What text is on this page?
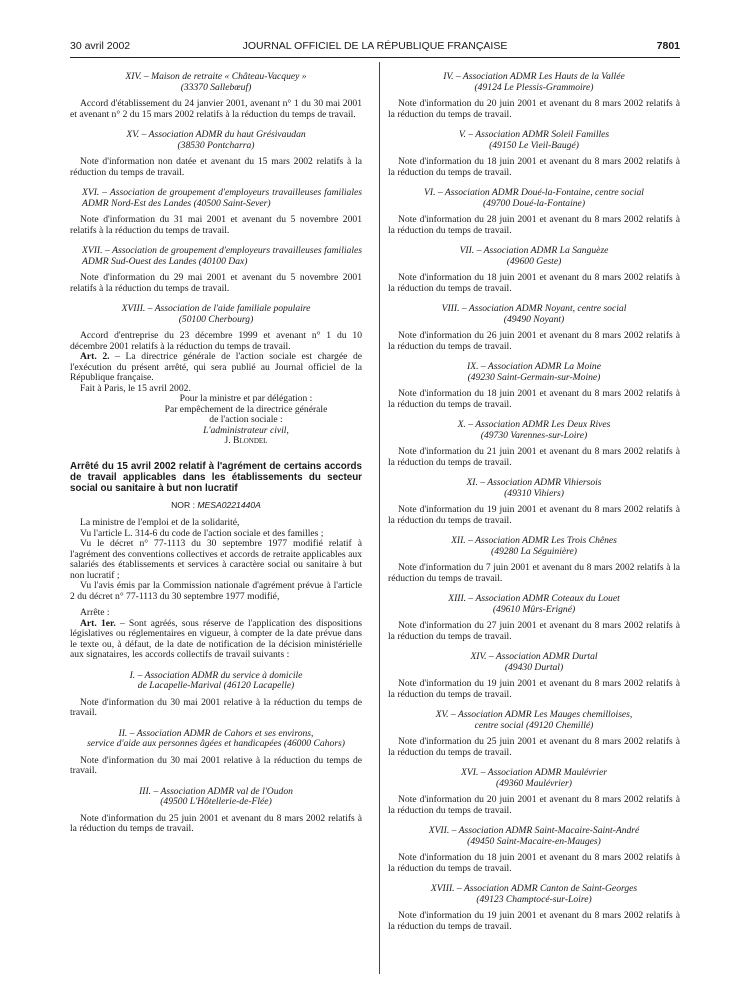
30 avril 2002	JOURNAL OFFICIEL DE LA RÉPUBLIQUE FRANÇAISE	7801

XIV. – Maison de retraite « Château-Vacquey »

(33370 Sallebœuf)

Accord d'établissement du 24 janvier 2001, avenant n° 1 du 30 mai 2001 et avenant n° 2 du 15 mars 2002 relatifs à la réduction du temps de travail.

XV. – Association ADMR du haut Grésivaudan

(38530 Pontcharra)

Note d'information non datée et avenant du 15 mars 2002 relatifs à la réduction du temps de travail.

XVI. – Association de groupement d'employeurs travailleuses familiales ADMR Nord-Est des Landes (40500 Saint-Sever)

Note d'information du 31 mai 2001 et avenant du 5 novembre 2001 relatifs à la réduction du temps de travail.

XVII. – Association de groupement d'employeurs travailleuses familiales ADMR Sud-Ouest des Landes (40100 Dax)

Note d'information du 29 mai 2001 et avenant du 5 novembre 2001 relatifs à la réduction du temps de travail.

XVIII. – Association de l'aide familiale populaire

(50100 Cherbourg)

Accord d'entreprise du 23 décembre 1999 et avenant n° 1 du 10 décembre 2001 relatifs à la réduction du temps de travail.

Art. 2. – La directrice générale de l'action sociale est chargée de l'exécution du présent arrêté, qui sera publié au Journal officiel de la République française.

Fait à Paris, le 15 avril 2002.

Pour la ministre et par délégation :

Par empêchement de la directrice générale

de l'action sociale :

L'administrateur civil,

J. Blondel

Arrêté du 15 avril 2002 relatif à l'agrément de certains accords de travail applicables dans les établissements du secteur social ou sanitaire à but non lucratif

NOR : MESA0221440A

La ministre de l'emploi et de la solidarité,

Vu l'article L. 314-6 du code de l'action sociale et des familles ;

Vu le décret n° 77-1113 du 30 septembre 1977 modifié relatif à l'agrément des conventions collectives et accords de retraite applicables aux salariés des établissements et services à caractère social ou sanitaire à but non lucratif ;

Vu l'avis émis par la Commission nationale d'agrément prévue à l'article 2 du décret n° 77-1113 du 30 septembre 1977 modifié,

Arrête :

Art. 1er. – Sont agréés, sous réserve de l'application des dispositions législatives ou réglementaires en vigueur, à compter de la date prévue dans le texte ou, à défaut, de la date de notification de la décision ministérielle aux signataires, les accords collectifs de travail suivants :

I. – Association ADMR du service à domicile

de Lacapelle-Marival (46120 Lacapelle)

Note d'information du 30 mai 2001 relative à la réduction du temps de travail.

II. – Association ADMR de Cahors et ses environs,

service d'aide aux personnes âgées et handicapées (46000 Cahors)

Note d'information du 30 mai 2001 relative à la réduction du temps de travail.

III. – Association ADMR val de l'Oudon

(49500 L'Hôtellerie-de-Flée)

Note d'information du 25 juin 2001 et avenant du 8 mars 2002 relatifs à la réduction du temps de travail.

IV. – Association ADMR Les Hauts de la Vallée

(49124 Le Plessis-Grammoire)

Note d'information du 20 juin 2001 et avenant du 8 mars 2002 relatifs à la réduction du temps de travail.

V. – Association ADMR Soleil Familles

(49150 Le Vieil-Baugé)

Note d'information du 18 juin 2001 et avenant du 8 mars 2002 relatifs à la réduction du temps de travail.

VI. – Association ADMR Doué-la-Fontaine, centre social

(49700 Doué-la-Fontaine)

Note d'information du 28 juin 2001 et avenant du 8 mars 2002 relatifs à la réduction du temps de travail.

VII. – Association ADMR La Sanguèze

(49600 Geste)

Note d'information du 18 juin 2001 et avenant du 8 mars 2002 relatifs à la réduction du temps de travail.

VIII. – Association ADMR Noyant, centre social

(49490 Noyant)

Note d'information du 26 juin 2001 et avenant du 8 mars 2002 relatifs à la réduction du temps de travail.

IX. – Association ADMR La Moine

(49230 Saint-Germain-sur-Moine)

Note d'information du 18 juin 2001 et avenant du 8 mars 2002 relatifs à la réduction du temps de travail.

X. – Association ADMR Les Deux Rives

(49730 Varennes-sur-Loire)

Note d'information du 21 juin 2001 et avenant du 8 mars 2002 relatifs à la réduction du temps de travail.

XI. – Association ADMR Vihiersois

(49310 Vihiers)

Note d'information du 19 juin 2001 et avenant du 8 mars 2002 relatifs à la réduction du temps de travail.

XII. – Association ADMR Les Trois Chênes

(49280 La Séguinière)

Note d'information du 7 juin 2001 et avenant du 8 mars 2002 relatifs à la réduction du temps de travail.

XIII. – Association ADMR Coteaux du Louet

(49610 Mûrs-Erigné)

Note d'information du 27 juin 2001 et avenant du 8 mars 2002 relatifs à la réduction du temps de travail.

XIV. – Association ADMR Durtal

(49430 Durtal)

Note d'information du 19 juin 2001 et avenant du 8 mars 2002 relatifs à la réduction du temps de travail.

XV. – Association ADMR Les Mauges chemilloises,

centre social (49120 Chemillé)

Note d'information du 25 juin 2001 et avenant du 8 mars 2002 relatifs à la réduction du temps de travail.

XVI. – Association ADMR Maulévrier

(49360 Maulévrier)

Note d'information du 20 juin 2001 et avenant du 8 mars 2002 relatifs à la réduction du temps de travail.

XVII. – Association ADMR Saint-Macaire-Saint-André

(49450 Saint-Macaire-en-Mauges)

Note d'information du 18 juin 2001 et avenant du 8 mars 2002 relatifs à la réduction du temps de travail.

XVIII. – Association ADMR Canton de Saint-Georges

(49123 Champtocé-sur-Loire)

Note d'information du 19 juin 2001 et avenant du 8 mars 2002 relatifs à la réduction du temps de travail.
